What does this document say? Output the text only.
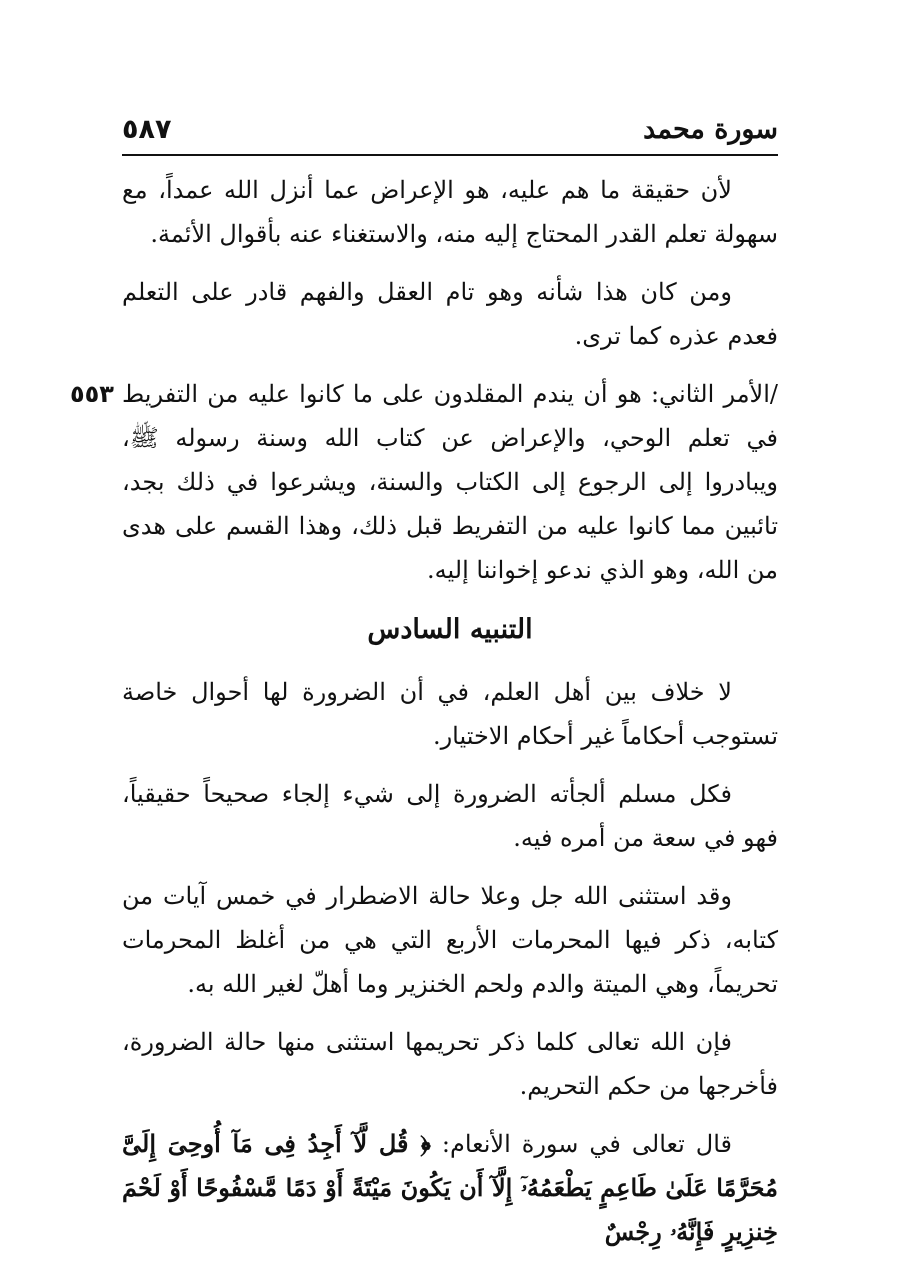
٥٨٧	سورة محمد

لأن حقيقة ما هم عليه، هو الإعراض عما أنزل الله عمداً، مع سهولة تعلم القدر المحتاج إليه منه، والاستغناء عنه بأقوال الأئمة.

ومن كان هذا شأنه وهو تام العقل والفهم قادر على التعلم فعدم عذره كما ترى.

٥٥٣ /الأمر الثاني: هو أن يندم المقلدون على ما كانوا عليه من التفريط في تعلم الوحي، والإعراض عن كتاب الله وسنة رسوله ﷺ، ويبادروا إلى الرجوع إلى الكتاب والسنة، ويشرعوا في ذلك بجد، تائبين مما كانوا عليه من التفريط قبل ذلك، وهذا القسم على هدى من الله، وهو الذي ندعو إخواننا إليه.

التنبيه السادس

لا خلاف بين أهل العلم، في أن الضرورة لها أحوال خاصة تستوجب أحكاماً غير أحكام الاختيار.

فكل مسلم ألجأته الضرورة إلى شيء إلجاء صحيحاً حقيقياً، فهو في سعة من أمره فيه.

وقد استثنى الله جل وعلا حالة الاضطرار في خمس آيات من كتابه، ذكر فيها المحرمات الأربع التي هي من أغلظ المحرمات تحريماً، وهي الميتة والدم ولحم الخنزير وما أهلّ لغير الله به.

فإن الله تعالى كلما ذكر تحريمها استثنى منها حالة الضرورة، فأخرجها من حكم التحريم.

قال تعالى في سورة الأنعام: ﴿ قُل لَّآ أَجِدُ فِى مَآ أُوحِىَ إِلَىَّ مُحَرَّمًا عَلَىٰ طَاعِمٍ يَطْعَمُهُۥٓ إِلَّآ أَن يَكُونَ مَيْتَةً أَوْ دَمًا مَّسْفُوحًا أَوْ لَحْمَ خِنزِيرٍ فَإِنَّهُۥ رِجْسٌ
